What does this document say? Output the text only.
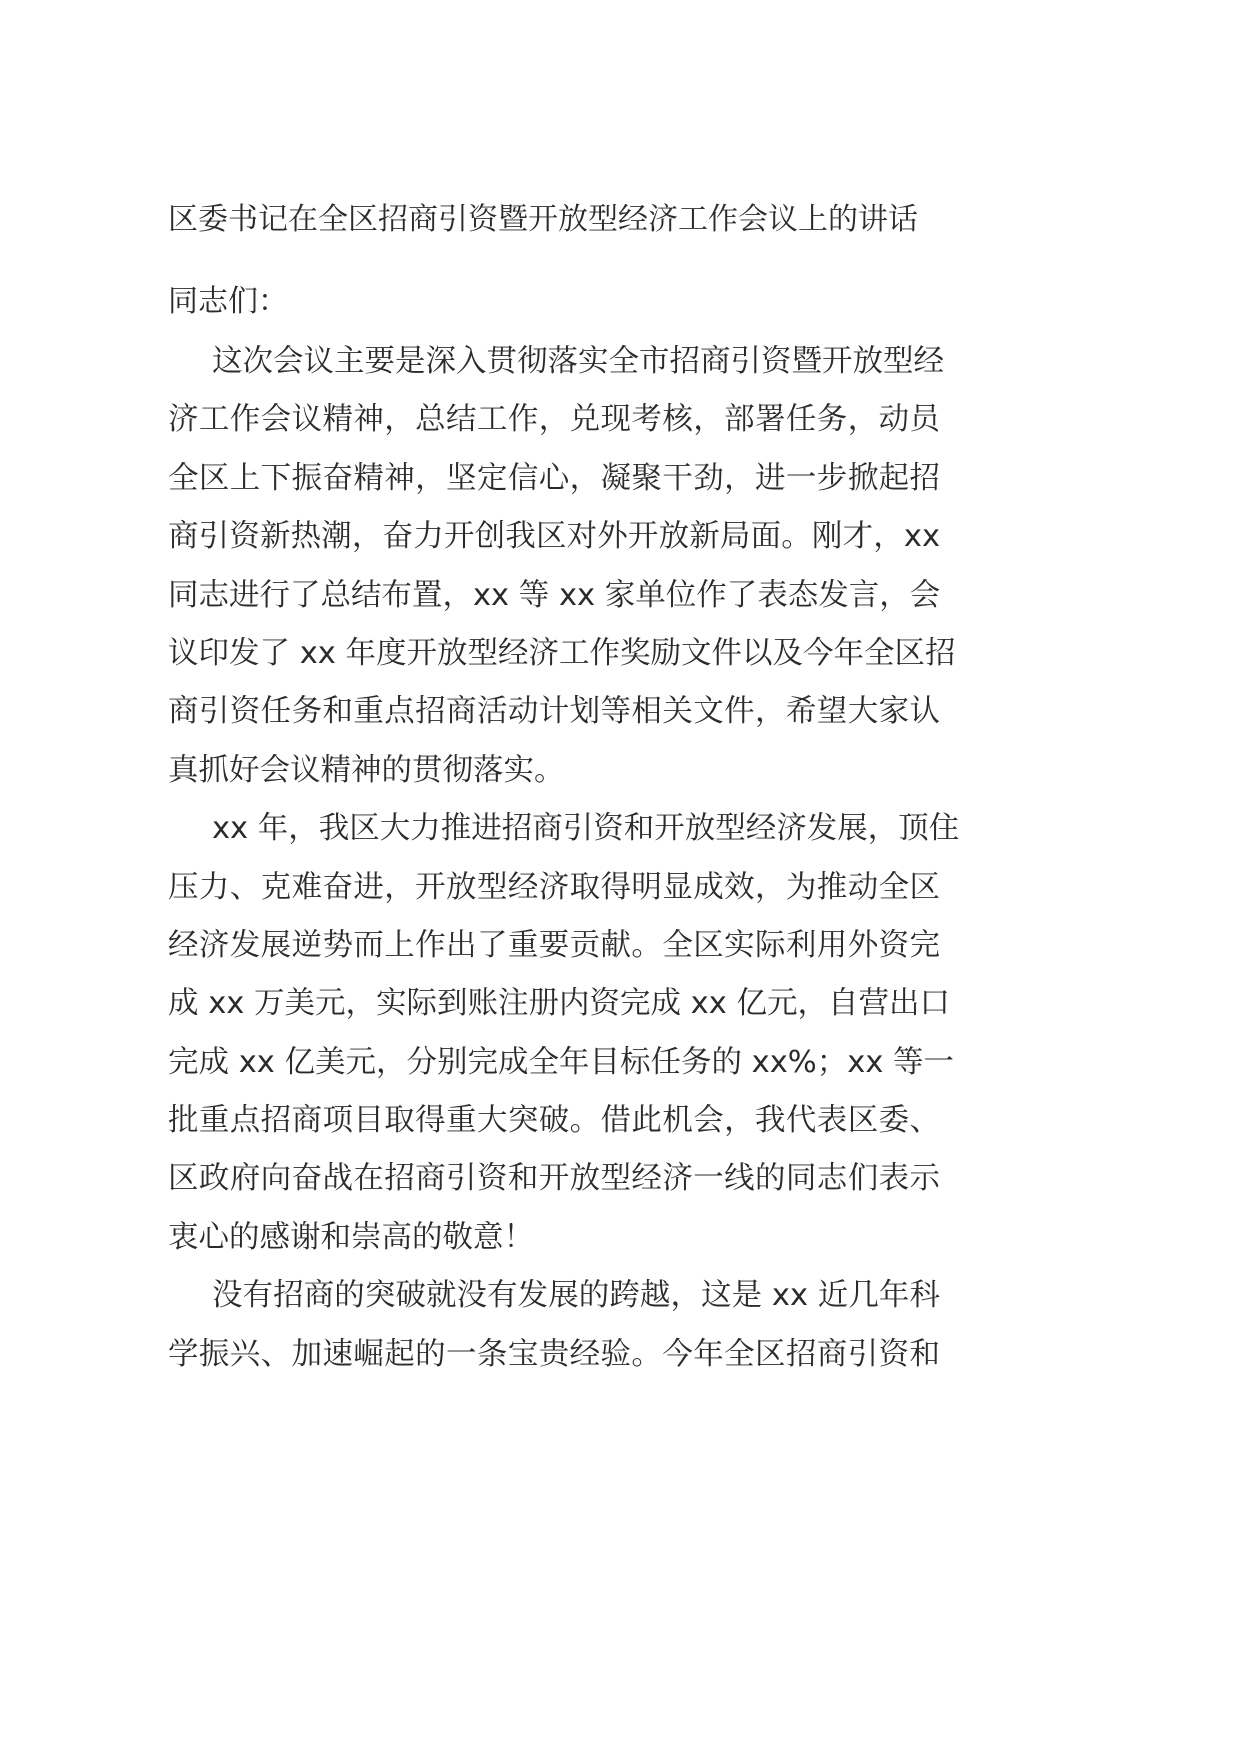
区委书记在全区招商引资暨开放型经济工作会议上的讲话
同志们：
这次会议主要是深入贯彻落实全市招商引资暨开放型经
济工作会议精神，总结工作，兑现考核，部署任务，动员
全区上下振奋精神，坚定信心，凝聚干劲，进一步掀起招
商引资新热潮，奋力开创我区对外开放新局面。刚才，xx
同志进行了总结布置，xx 等 xx 家单位作了表态发言，会
议印发了 xx 年度开放型经济工作奖励文件以及今年全区招
商引资任务和重点招商活动计划等相关文件，希望大家认
真抓好会议精神的贯彻落实。
xx 年，我区大力推进招商引资和开放型经济发展，顶住
压力、克难奋进，开放型经济取得明显成效，为推动全区
经济发展逆势而上作出了重要贡献。全区实际利用外资完
成 xx 万美元，实际到账注册内资完成 xx 亿元，自营出口
完成 xx 亿美元，分别完成全年目标任务的 xx%；xx 等一
批重点招商项目取得重大突破。借此机会，我代表区委、
区政府向奋战在招商引资和开放型经济一线的同志们表示
衷心的感谢和崇高的敬意！
没有招商的突破就没有发展的跨越，这是 xx 近几年科
学振兴、加速崛起的一条宝贵经验。今年全区招商引资和
